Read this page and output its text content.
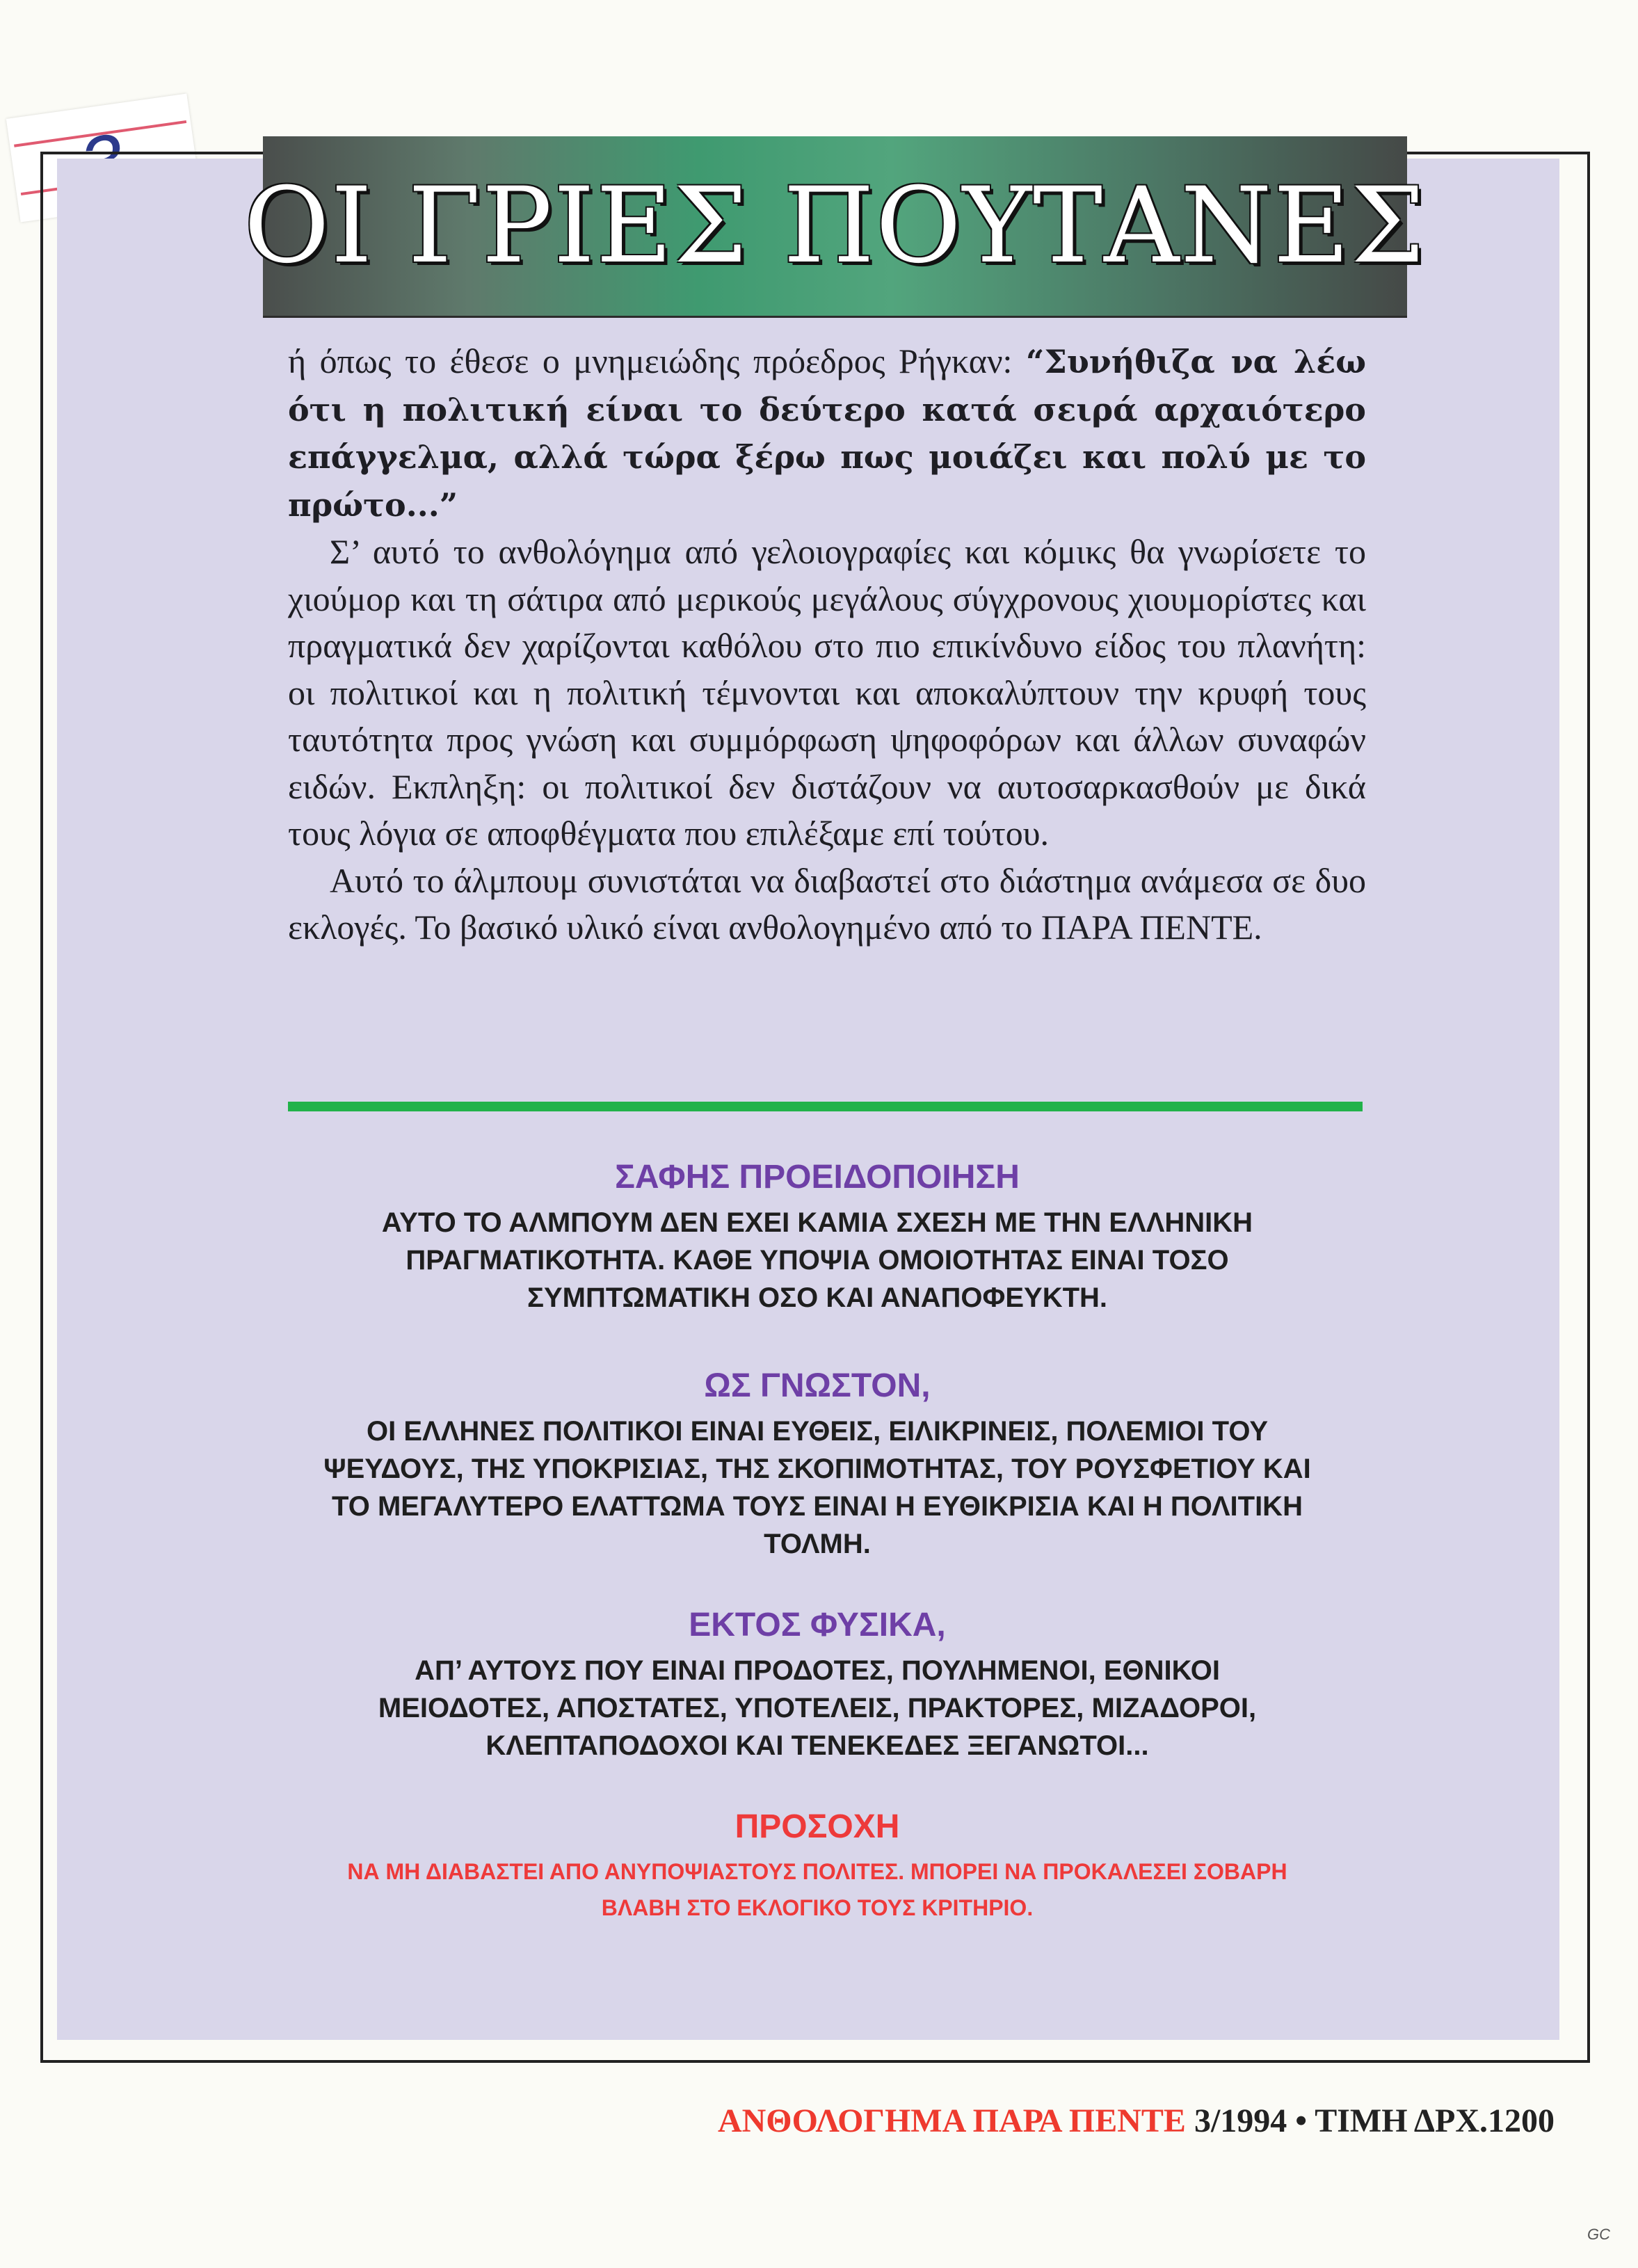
ΟΙ ΓΡΙΕΣ ΠΟΥΤΑΝΕΣ

ή όπως το έθεσε ο μνημειώδης πρόεδρος Ρήγκαν: “Συνήθιζα να λέω ότι η πολιτική είναι το δεύτερο κατά σειρά αρχαιότερο επάγγελμα, αλλά τώρα ξέρω πως μοιάζει και πολύ με το πρώτο...”

Σ’ αυτό το ανθολόγημα από γελοιογραφίες και κόμικς θα γνωρίσετε το χιούμορ και τη σάτιρα από μερικούς μεγάλους σύγχρονους χιουμορίστες και πραγματικά δεν χαρίζονται καθόλου στο πιο επικίνδυνο είδος του πλανήτη: οι πολιτικοί και η πολιτική τέμνονται και αποκαλύπτουν την κρυφή τους ταυτότητα προς γνώση και συμμόρφωση ψηφοφόρων και άλλων συναφών ειδών. Εκπληξη: οι πολιτικοί δεν διστάζουν να αυτοσαρκασθούν με δικά τους λόγια σε αποφθέγματα που επιλέξαμε επί τούτου.

Αυτό το άλμπουμ συνιστάται να διαβαστεί στο διάστημα ανάμεσα σε δυο εκλογές. Το βασικό υλικό είναι ανθολογημένο από το ΠΑΡΑ ΠΕΝΤΕ.

ΣΑΦΗΣ ΠΡΟΕΙΔΟΠΟΙΗΣΗ

ΑΥΤΟ ΤΟ ΑΛΜΠΟΥΜ ΔΕΝ ΕΧΕΙ ΚΑΜΙΑ ΣΧΕΣΗ ΜΕ ΤΗΝ ΕΛΛΗΝΙΚΗ

ΠΡΑΓΜΑΤΙΚΟΤΗΤΑ. ΚΑΘΕ ΥΠΟΨΙΑ ΟΜΟΙΟΤΗΤΑΣ ΕΙΝΑΙ ΤΟΣΟ

ΣΥΜΠΤΩΜΑΤΙΚΗ ΟΣΟ ΚΑΙ ΑΝΑΠΟΦΕΥΚΤΗ.

ΩΣ ΓΝΩΣΤΟΝ,

ΟΙ ΕΛΛΗΝΕΣ ΠΟΛΙΤΙΚΟΙ ΕΙΝΑΙ ΕΥΘΕΙΣ, ΕΙΛΙΚΡΙΝΕΙΣ, ΠΟΛΕΜΙΟΙ ΤΟΥ

ΨΕΥΔΟΥΣ, ΤΗΣ ΥΠΟΚΡΙΣΙΑΣ, ΤΗΣ ΣΚΟΠΙΜΟΤΗΤΑΣ, ΤΟΥ ΡΟΥΣΦΕΤΙΟΥ ΚΑΙ

ΤΟ ΜΕΓΑΛΥΤΕΡΟ ΕΛΑΤΤΩΜΑ ΤΟΥΣ ΕΙΝΑΙ Η ΕΥΘΙΚΡΙΣΙΑ ΚΑΙ Η ΠΟΛΙΤΙΚΗ

ΤΟΛΜΗ.

ΕΚΤΟΣ ΦΥΣΙΚΑ,

ΑΠ’ ΑΥΤΟΥΣ ΠΟΥ ΕΙΝΑΙ ΠΡΟΔΟΤΕΣ, ΠΟΥΛΗΜΕΝΟΙ, ΕΘΝΙΚΟΙ

ΜΕΙΟΔΟΤΕΣ, ΑΠΟΣΤΑΤΕΣ, ΥΠΟΤΕΛΕΙΣ, ΠΡΑΚΤΟΡΕΣ, ΜΙΖΑΔΟΡΟΙ,

ΚΛΕΠΤΑΠΟΔΟΧΟΙ ΚΑΙ ΤΕΝΕΚΕΔΕΣ ΞΕΓΑΝΩΤΟΙ...

ΠΡΟΣΟΧΗ

ΝΑ ΜΗ ΔΙΑΒΑΣΤΕΙ ΑΠΟ ΑΝΥΠΟΨΙΑΣΤΟΥΣ ΠΟΛΙΤΕΣ. ΜΠΟΡΕΙ ΝΑ ΠΡΟΚΑΛΕΣΕΙ ΣΟΒΑΡΗ

ΒΛΑΒΗ ΣΤΟ ΕΚΛΟΓΙΚΟ ΤΟΥΣ ΚΡΙΤΗΡΙΟ.

ΑΝΘΟΛΟΓΗΜΑ ΠΑΡΑ ΠΕΝΤΕ 3/1994 • ΤΙΜΗ ΔΡΧ.1200
GC
